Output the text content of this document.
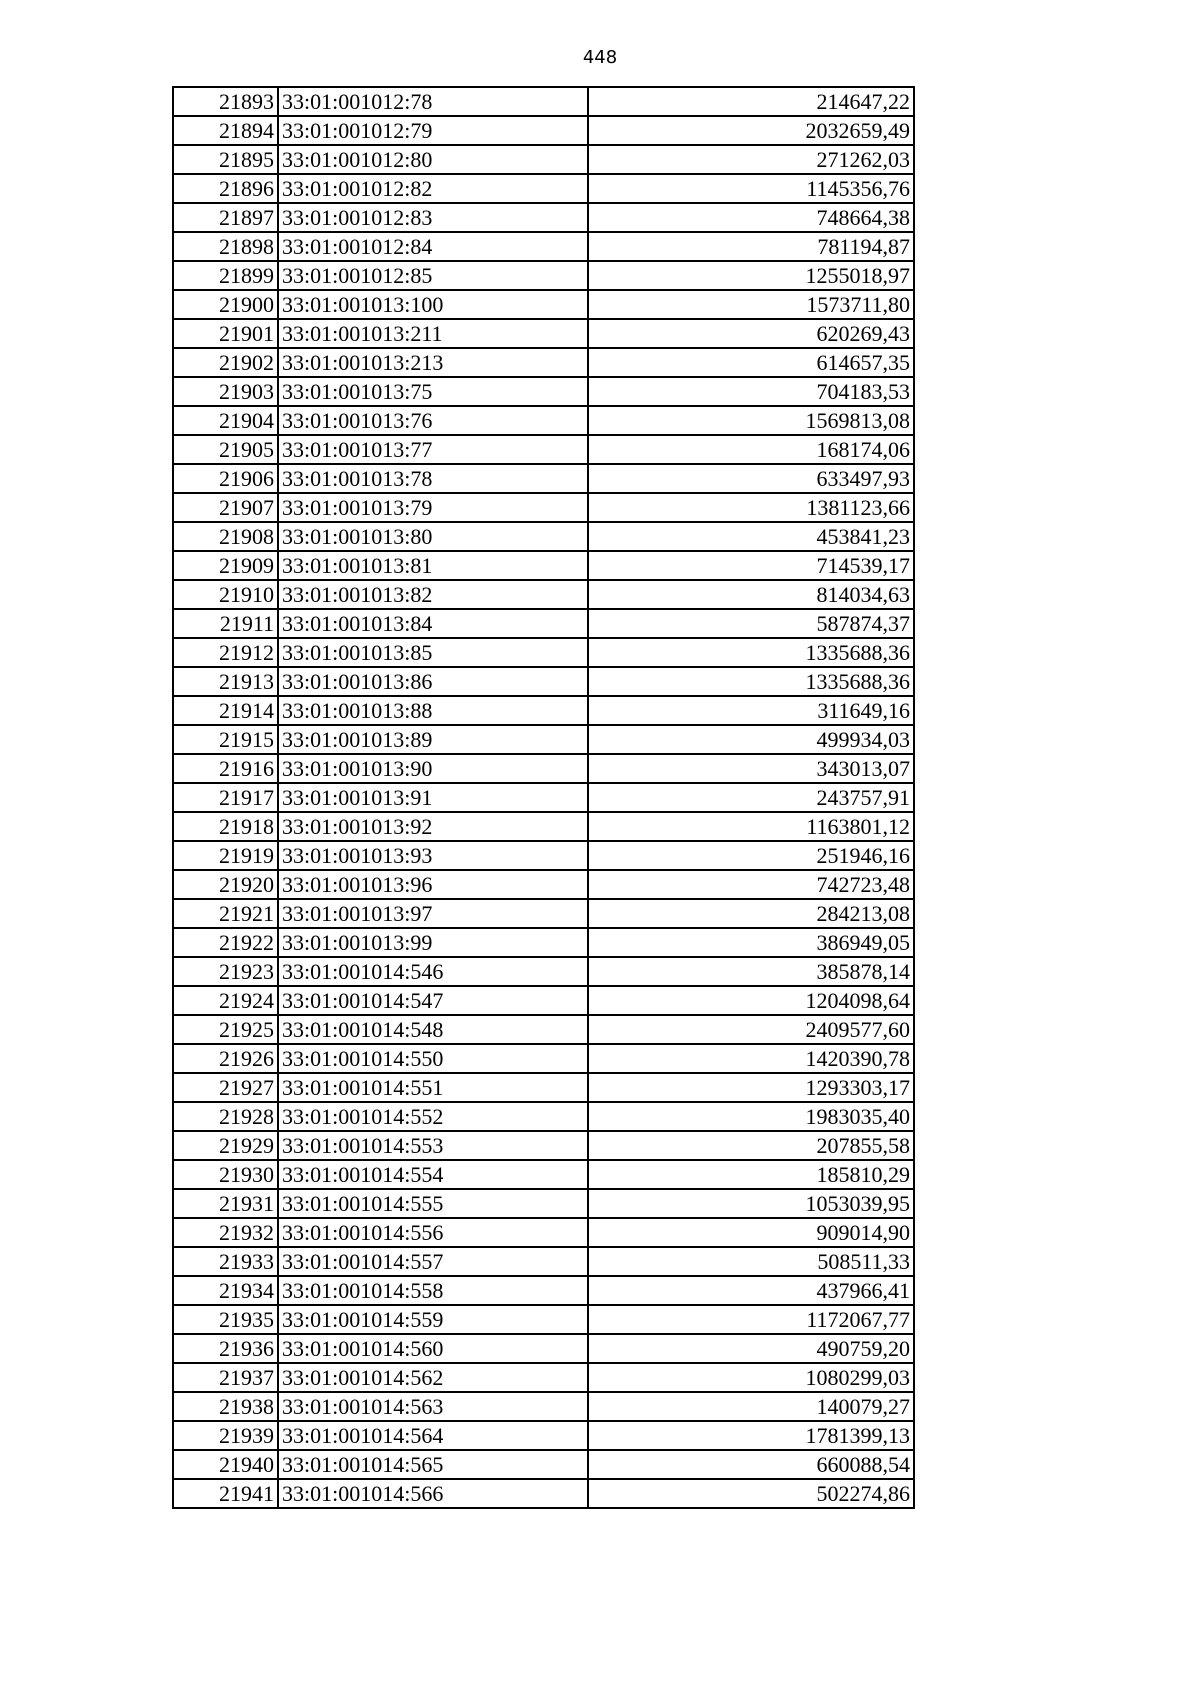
448
21893	33:01:001012:78	214647,22
21894	33:01:001012:79	2032659,49
21895	33:01:001012:80	271262,03
21896	33:01:001012:82	1145356,76
21897	33:01:001012:83	748664,38
21898	33:01:001012:84	781194,87
21899	33:01:001012:85	1255018,97
21900	33:01:001013:100	1573711,80
21901	33:01:001013:211	620269,43
21902	33:01:001013:213	614657,35
21903	33:01:001013:75	704183,53
21904	33:01:001013:76	1569813,08
21905	33:01:001013:77	168174,06
21906	33:01:001013:78	633497,93
21907	33:01:001013:79	1381123,66
21908	33:01:001013:80	453841,23
21909	33:01:001013:81	714539,17
21910	33:01:001013:82	814034,63
21911	33:01:001013:84	587874,37
21912	33:01:001013:85	1335688,36
21913	33:01:001013:86	1335688,36
21914	33:01:001013:88	311649,16
21915	33:01:001013:89	499934,03
21916	33:01:001013:90	343013,07
21917	33:01:001013:91	243757,91
21918	33:01:001013:92	1163801,12
21919	33:01:001013:93	251946,16
21920	33:01:001013:96	742723,48
21921	33:01:001013:97	284213,08
21922	33:01:001013:99	386949,05
21923	33:01:001014:546	385878,14
21924	33:01:001014:547	1204098,64
21925	33:01:001014:548	2409577,60
21926	33:01:001014:550	1420390,78
21927	33:01:001014:551	1293303,17
21928	33:01:001014:552	1983035,40
21929	33:01:001014:553	207855,58
21930	33:01:001014:554	185810,29
21931	33:01:001014:555	1053039,95
21932	33:01:001014:556	909014,90
21933	33:01:001014:557	508511,33
21934	33:01:001014:558	437966,41
21935	33:01:001014:559	1172067,77
21936	33:01:001014:560	490759,20
21937	33:01:001014:562	1080299,03
21938	33:01:001014:563	140079,27
21939	33:01:001014:564	1781399,13
21940	33:01:001014:565	660088,54
21941	33:01:001014:566	502274,86
